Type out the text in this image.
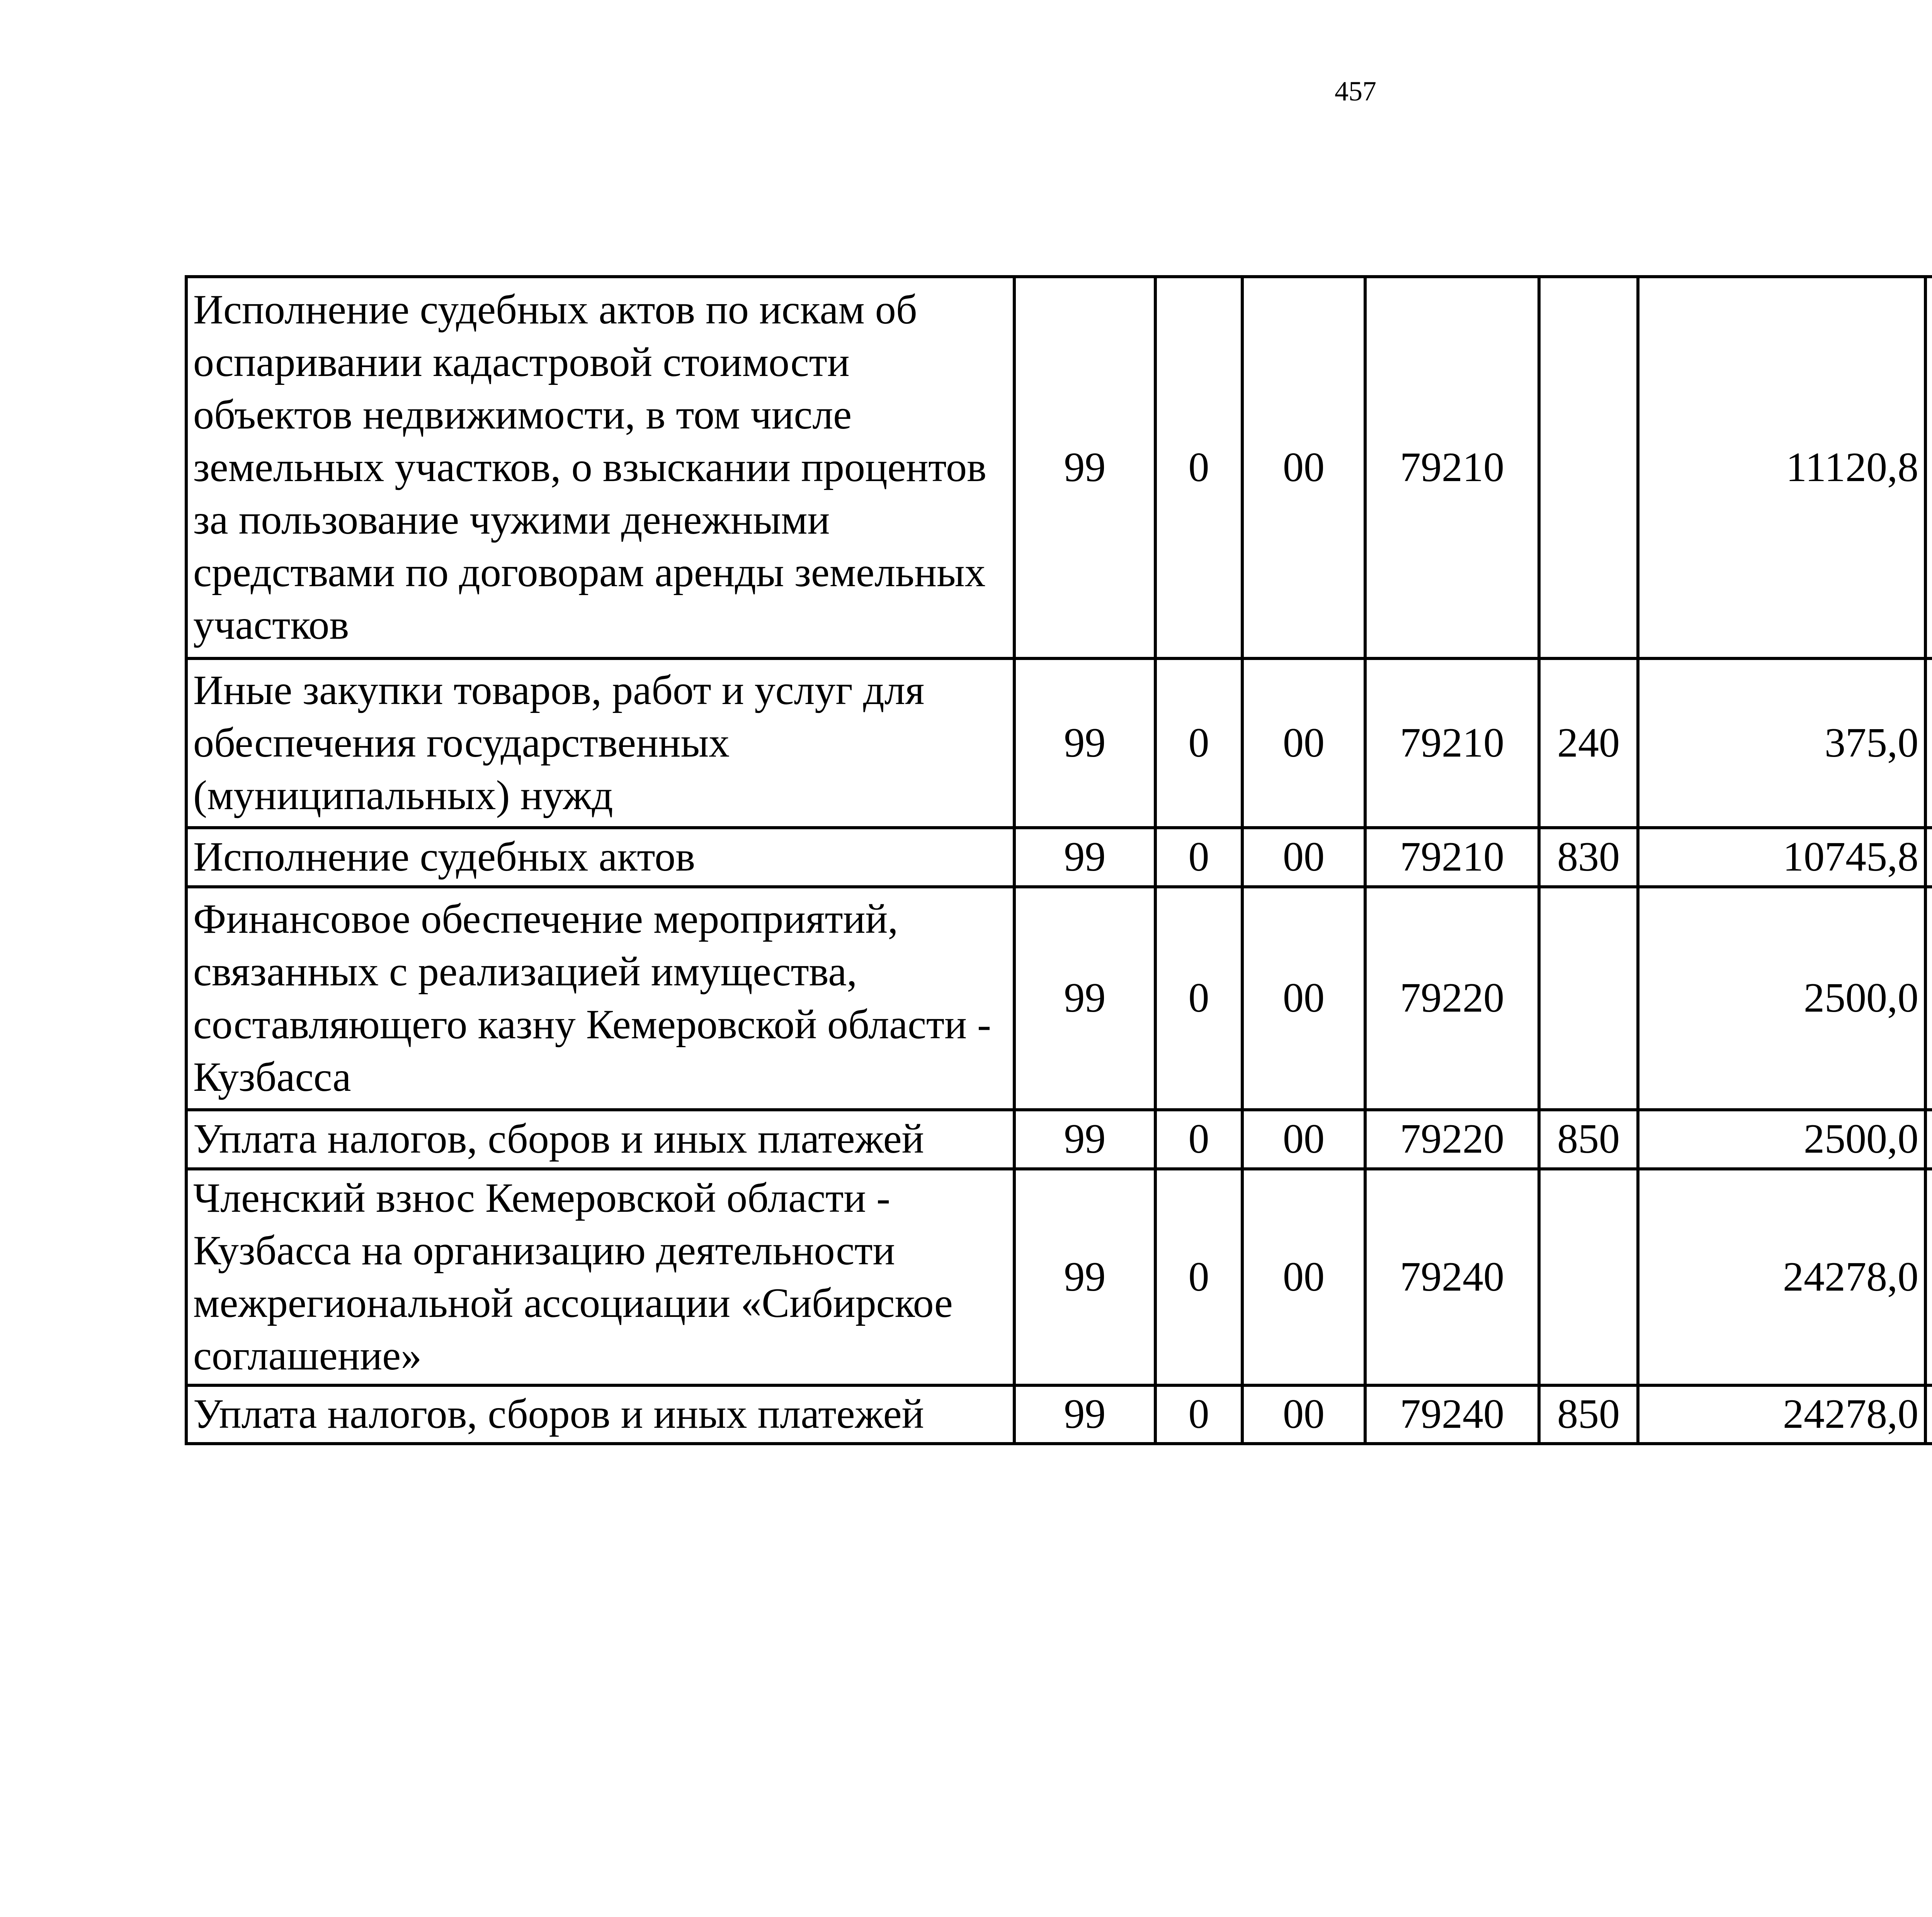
457
Исполнение судебных актов по искам об оспаривании кадастровой стоимости объектов недвижимости, в том числе земельных участков, о взыскании процентов за пользование чужими денежными средствами по договорам аренды земельных участков	99	0	00	79210		11120,8		
Иные закупки товаров, работ и услуг для обеспечения государственных (муниципальных) нужд	99	0	00	79210	240	375,0		
Исполнение судебных актов	99	0	00	79210	830	10745,8		
Финансовое обеспечение мероприятий, связанных с реализацией имущества, составляющего казну Кемеровской области - Кузбасса	99	0	00	79220		2500,0		
Уплата налогов, сборов и иных платежей	99	0	00	79220	850	2500,0		
Членский взнос Кемеровской области - Кузбасса на организацию деятельности межрегиональной ассоциации «Сибирское соглашение»	99	0	00	79240		24278,0		
Уплата налогов, сборов и иных платежей	99	0	00	79240	850	24278,0		
